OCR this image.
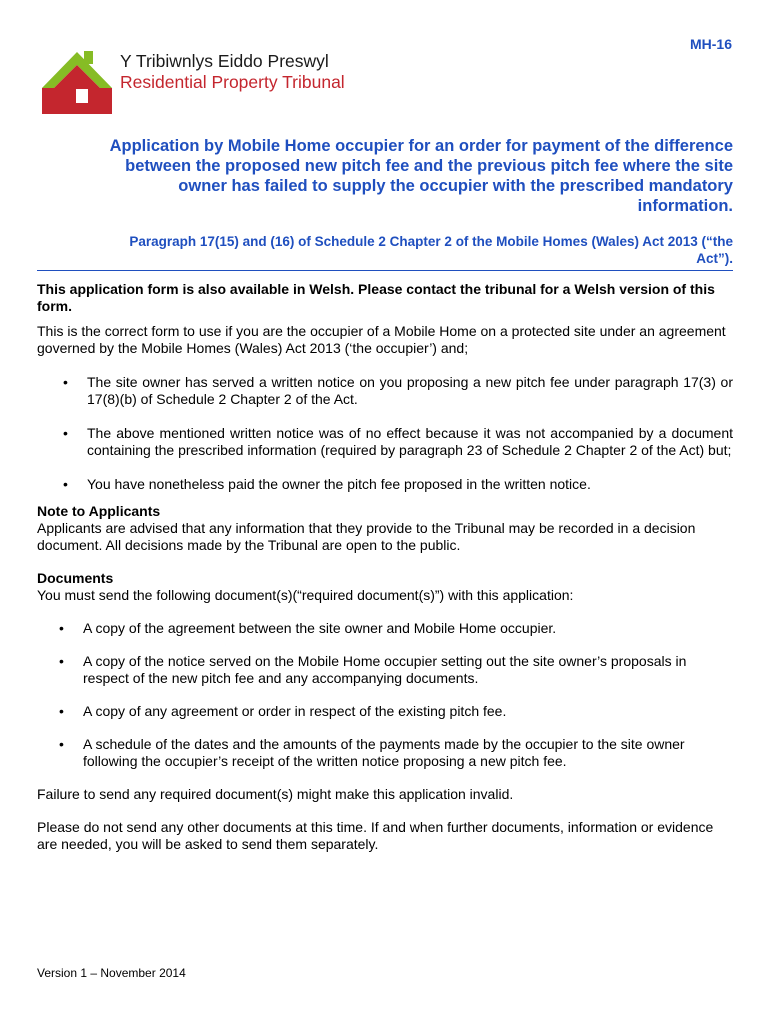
Y Tribiwnlys Eiddo Preswyl
Residential Property Tribunal
MH-16
Application by Mobile Home occupier for an order for payment of the difference between the proposed new pitch fee and the previous pitch fee where the site owner has failed to supply the occupier with the prescribed mandatory information.
Paragraph 17(15) and (16) of Schedule 2 Chapter 2 of the Mobile Homes (Wales) Act 2013 (“the Act”).

This application form is also available in Welsh. Please contact the tribunal for a Welsh version of this form.

This is the correct form to use if you are the occupier of a Mobile Home on a protected site under an agreement governed by the Mobile Homes (Wales) Act 2013 (‘the occupier’) and;

• The site owner has served a written notice on you proposing a new pitch fee under paragraph 17(3) or 17(8)(b) of Schedule 2 Chapter 2 of the Act.
• The above mentioned written notice was of no effect because it was not accompanied by a document containing the prescribed information (required by paragraph 23 of Schedule 2 Chapter 2 of the Act) but;
• You have nonetheless paid the owner the pitch fee proposed in the written notice.
Note to Applicants

Applicants are advised that any information that they provide to the Tribunal may be recorded in a decision document. All decisions made by the Tribunal are open to the public.

Documents

You must send the following document(s)(“required document(s)”) with this application:

• A copy of the agreement between the site owner and Mobile Home occupier.
• A copy of the notice served on the Mobile Home occupier setting out the site owner’s proposals in respect of the new pitch fee and any accompanying documents.
• A copy of any agreement or order in respect of the existing pitch fee.
• A schedule of the dates and the amounts of the payments made by the occupier to the site owner following the occupier’s receipt of the written notice proposing a new pitch fee.

Failure to send any required document(s) might make this application invalid.

Please do not send any other documents at this time. If and when further documents, information or evidence are needed, you will be asked to send them separately.

Version 1 – November 2014
